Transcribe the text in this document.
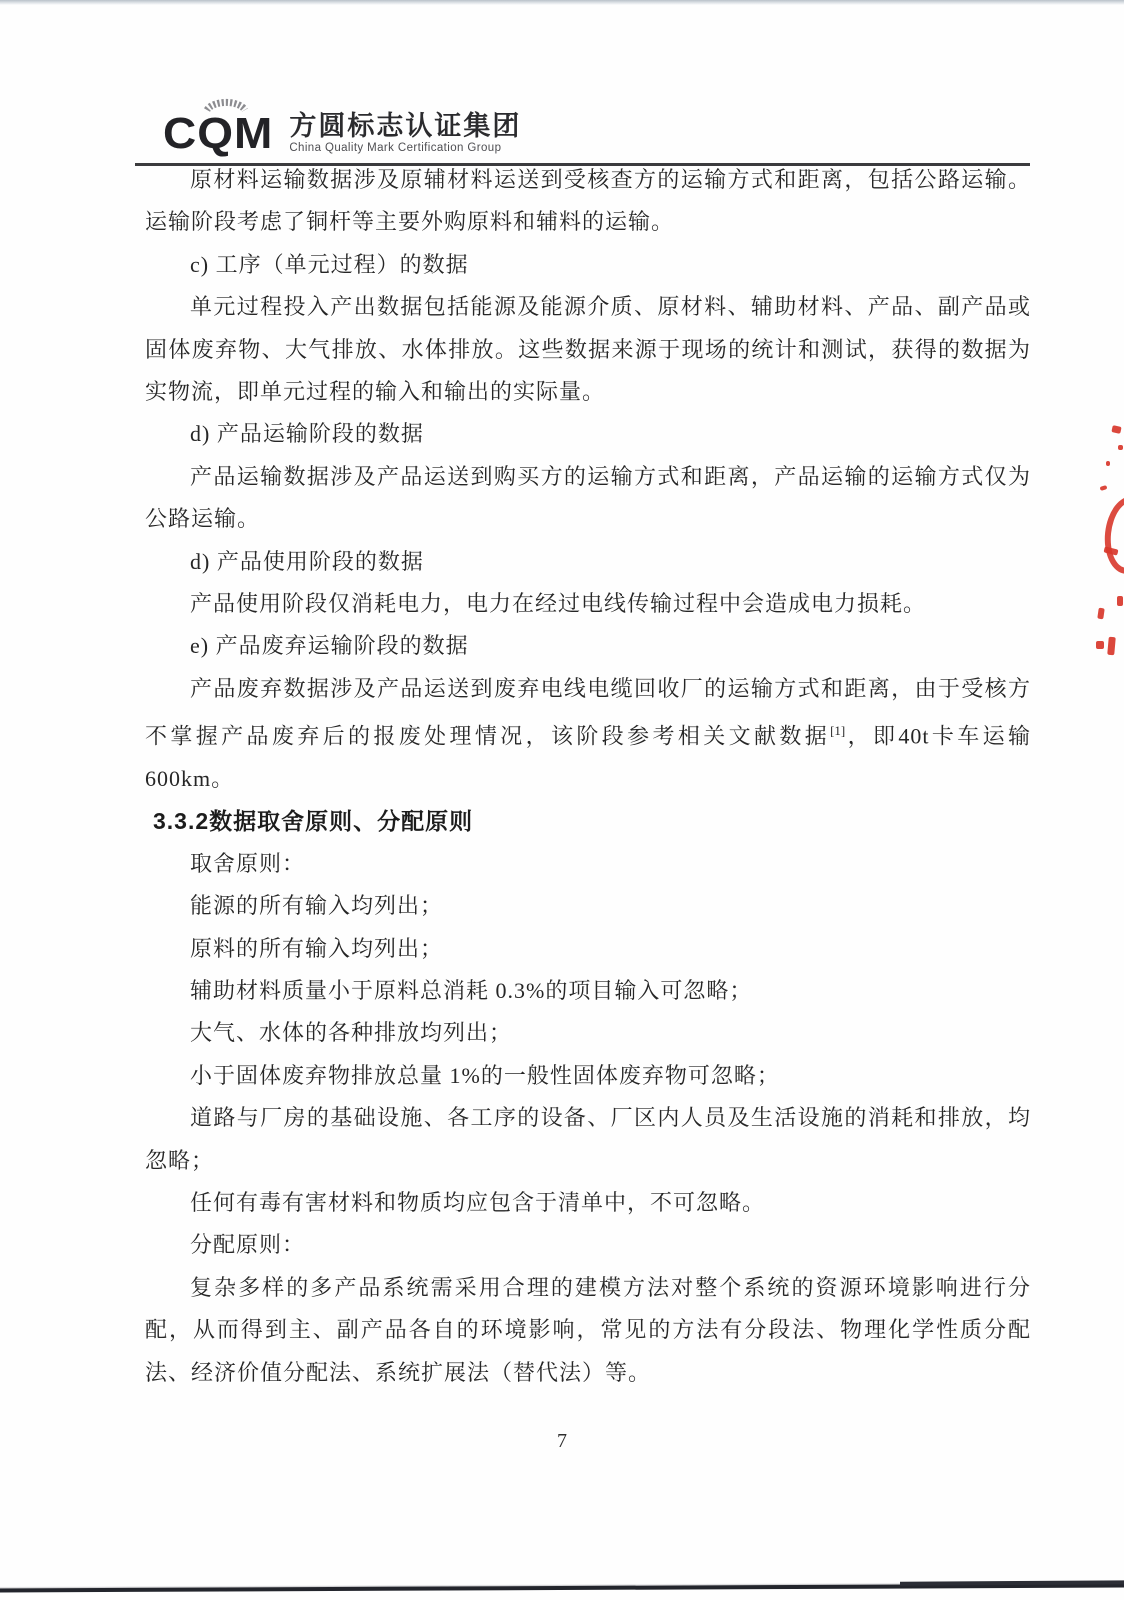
CQM 方圆标志认证集团
China Quality Mark Certification Group

原材料运输数据涉及原辅材料运送到受核查方的运输方式和距离，包括公路运输。运输阶段考虑了铜杆等主要外购原料和辅料的运输。

c) 工序（单元过程）的数据

单元过程投入产出数据包括能源及能源介质、原材料、辅助材料、产品、副产品或固体废弃物、大气排放、水体排放。这些数据来源于现场的统计和测试，获得的数据为实物流，即单元过程的输入和输出的实际量。

d) 产品运输阶段的数据

产品运输数据涉及产品运送到购买方的运输方式和距离，产品运输的运输方式仅为公路运输。

d) 产品使用阶段的数据

产品使用阶段仅消耗电力，电力在经过电线传输过程中会造成电力损耗。

e) 产品废弃运输阶段的数据

产品废弃数据涉及产品运送到废弃电线电缆回收厂的运输方式和距离，由于受核方不掌握产品废弃后的报废处理情况，该阶段参考相关文献数据[1]，即40t卡车运输600km。

3.3.2数据取舍原则、分配原则

取舍原则：

能源的所有输入均列出；

原料的所有输入均列出；

辅助材料质量小于原料总消耗 0.3%的项目输入可忽略；

大气、水体的各种排放均列出；

小于固体废弃物排放总量 1%的一般性固体废弃物可忽略；

道路与厂房的基础设施、各工序的设备、厂区内人员及生活设施的消耗和排放，均忽略；

任何有毒有害材料和物质均应包含于清单中，不可忽略。

分配原则：

复杂多样的多产品系统需采用合理的建模方法对整个系统的资源环境影响进行分配，从而得到主、副产品各自的环境影响，常见的方法有分段法、物理化学性质分配法、经济价值分配法、系统扩展法（替代法）等。

7
